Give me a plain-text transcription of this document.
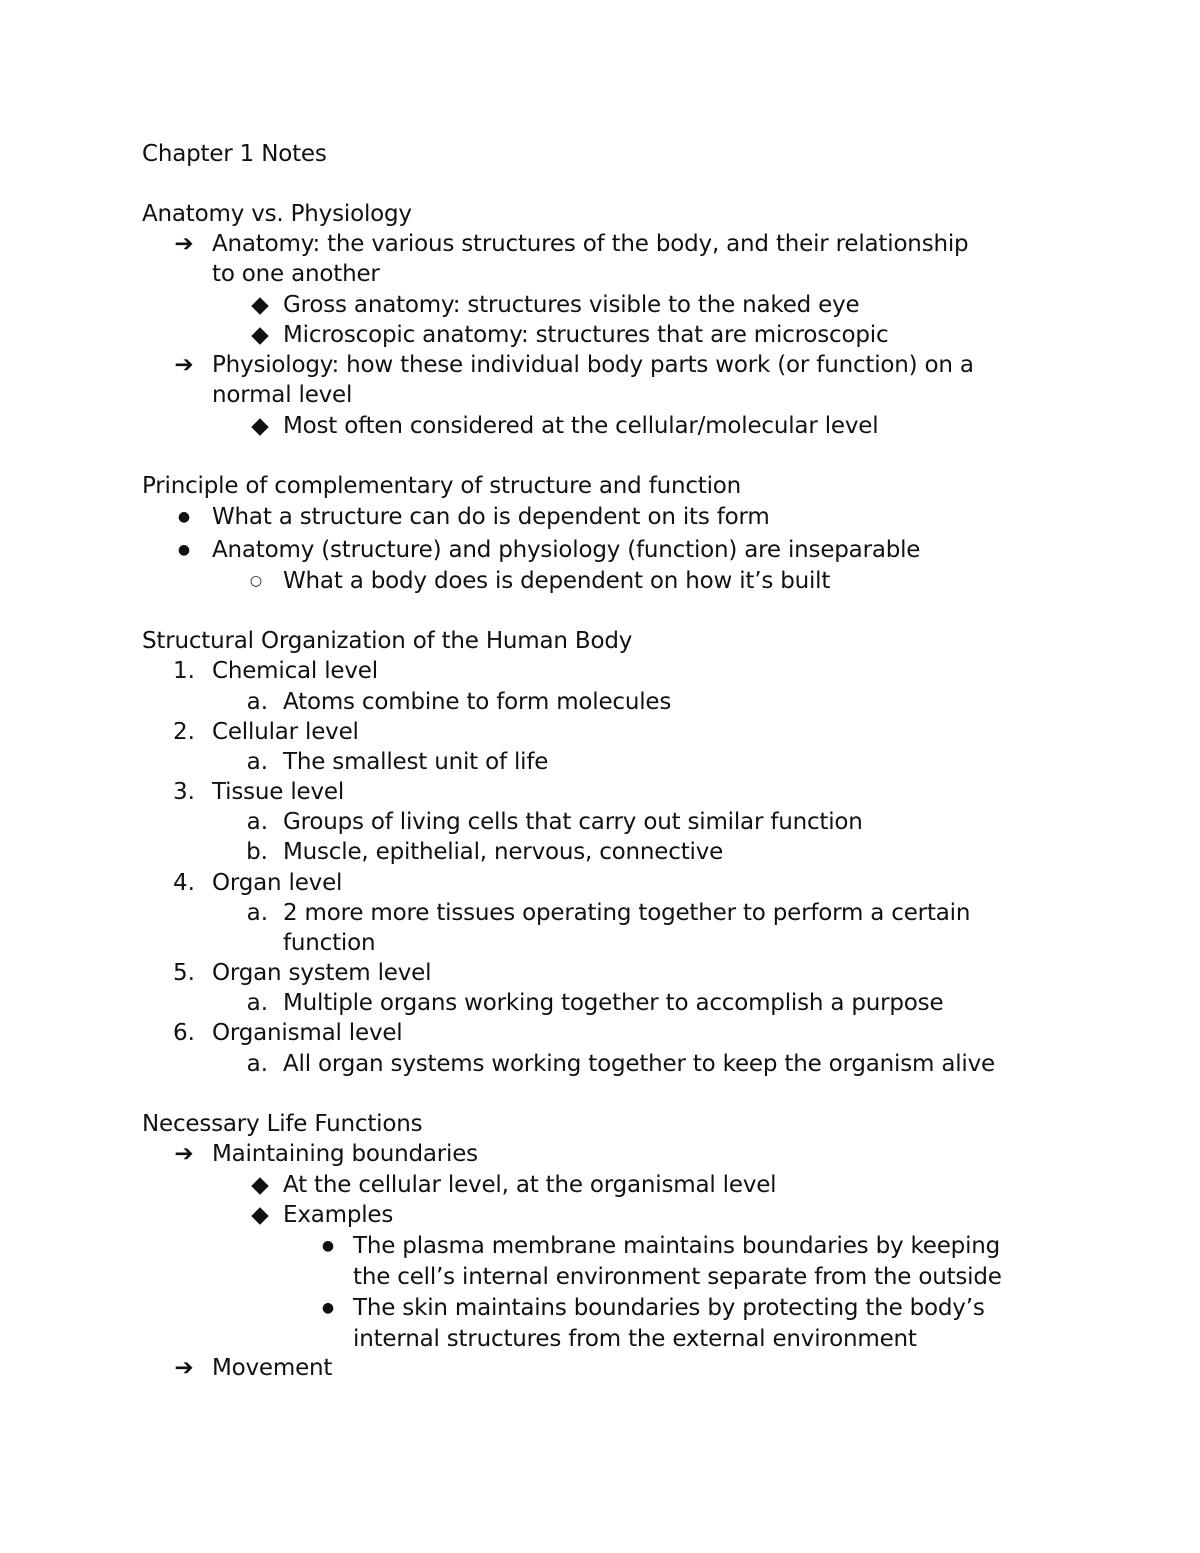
Chapter 1 Notes
Anatomy vs. Physiology
➔ Anatomy: the various structures of the body, and their relationship
to one another
◆ Gross anatomy: structures visible to the naked eye
◆ Microscopic anatomy: structures that are microscopic
➔ Physiology: how these individual body parts work (or function) on a
normal level
◆ Most often considered at the cellular/molecular level
Principle of complementary of structure and function
● What a structure can do is dependent on its form
● Anatomy (structure) and physiology (function) are inseparable
○ What a body does is dependent on how it’s built
Structural Organization of the Human Body
1. Chemical level
a. Atoms combine to form molecules
2. Cellular level
a. The smallest unit of life
3. Tissue level
a. Groups of living cells that carry out similar function
b. Muscle, epithelial, nervous, connective
4. Organ level
a. 2 more more tissues operating together to perform a certain
function
5. Organ system level
a. Multiple organs working together to accomplish a purpose
6. Organismal level
a. All organ systems working together to keep the organism alive
Necessary Life Functions
➔ Maintaining boundaries
◆ At the cellular level, at the organismal level
◆ Examples
● The plasma membrane maintains boundaries by keeping
the cell’s internal environment separate from the outside
● The skin maintains boundaries by protecting the body’s
internal structures from the external environment
➔ Movement
